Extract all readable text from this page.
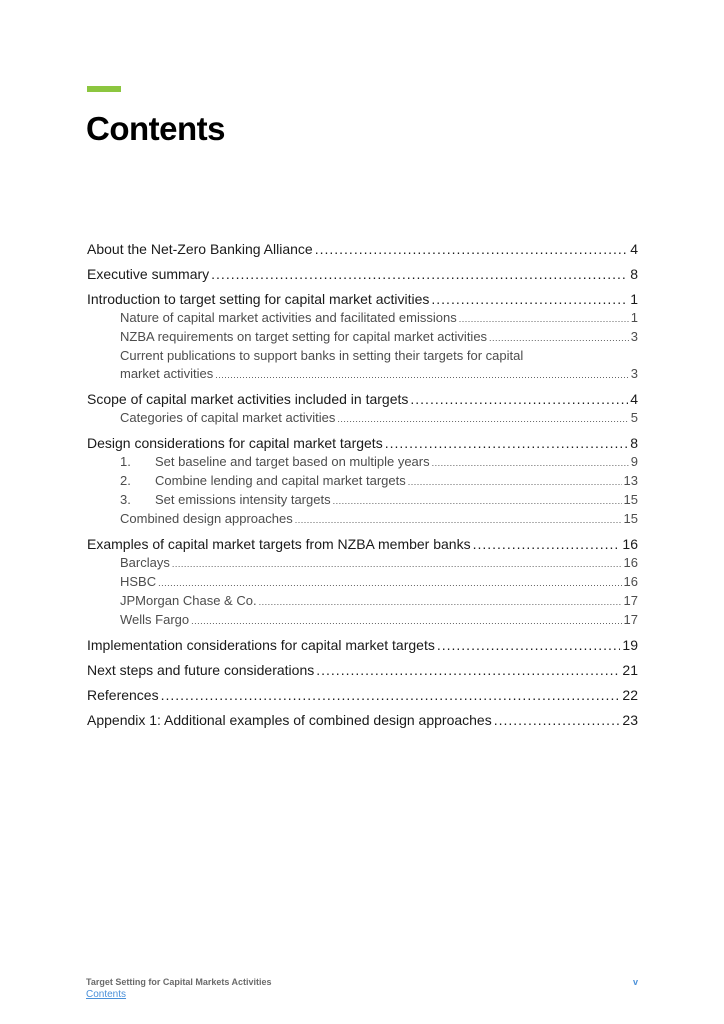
Contents
About the Net-Zero Banking Alliance .....	4
Executive summary .....	8
Introduction to target setting for capital market activities .....	1
Nature of capital market activities and facilitated emissions .....	1
NZBA requirements on target setting for capital market activities .....	3
Current publications to support banks in setting their targets for capital
market activities .....	3
Scope of capital market activities included in targets .....	4
Categories of capital market activities .....	5
Design considerations for capital market targets .....	8
1.	Set baseline and target based on multiple years .....	9
2.	Combine lending and capital market targets .....	13
3.	Set emissions intensity targets .....	15
Combined design approaches .....	15
Examples of capital market targets from NZBA member banks .....	16
Barclays .....	16
HSBC .....	16
JPMorgan Chase & Co. .....	17
Wells Fargo .....	17
Implementation considerations for capital market targets .....	19
Next steps and future considerations .....	21
References .....	22
Appendix 1: Additional examples of combined design approaches .....	23
Target Setting for Capital Markets Activities
Contents
v
